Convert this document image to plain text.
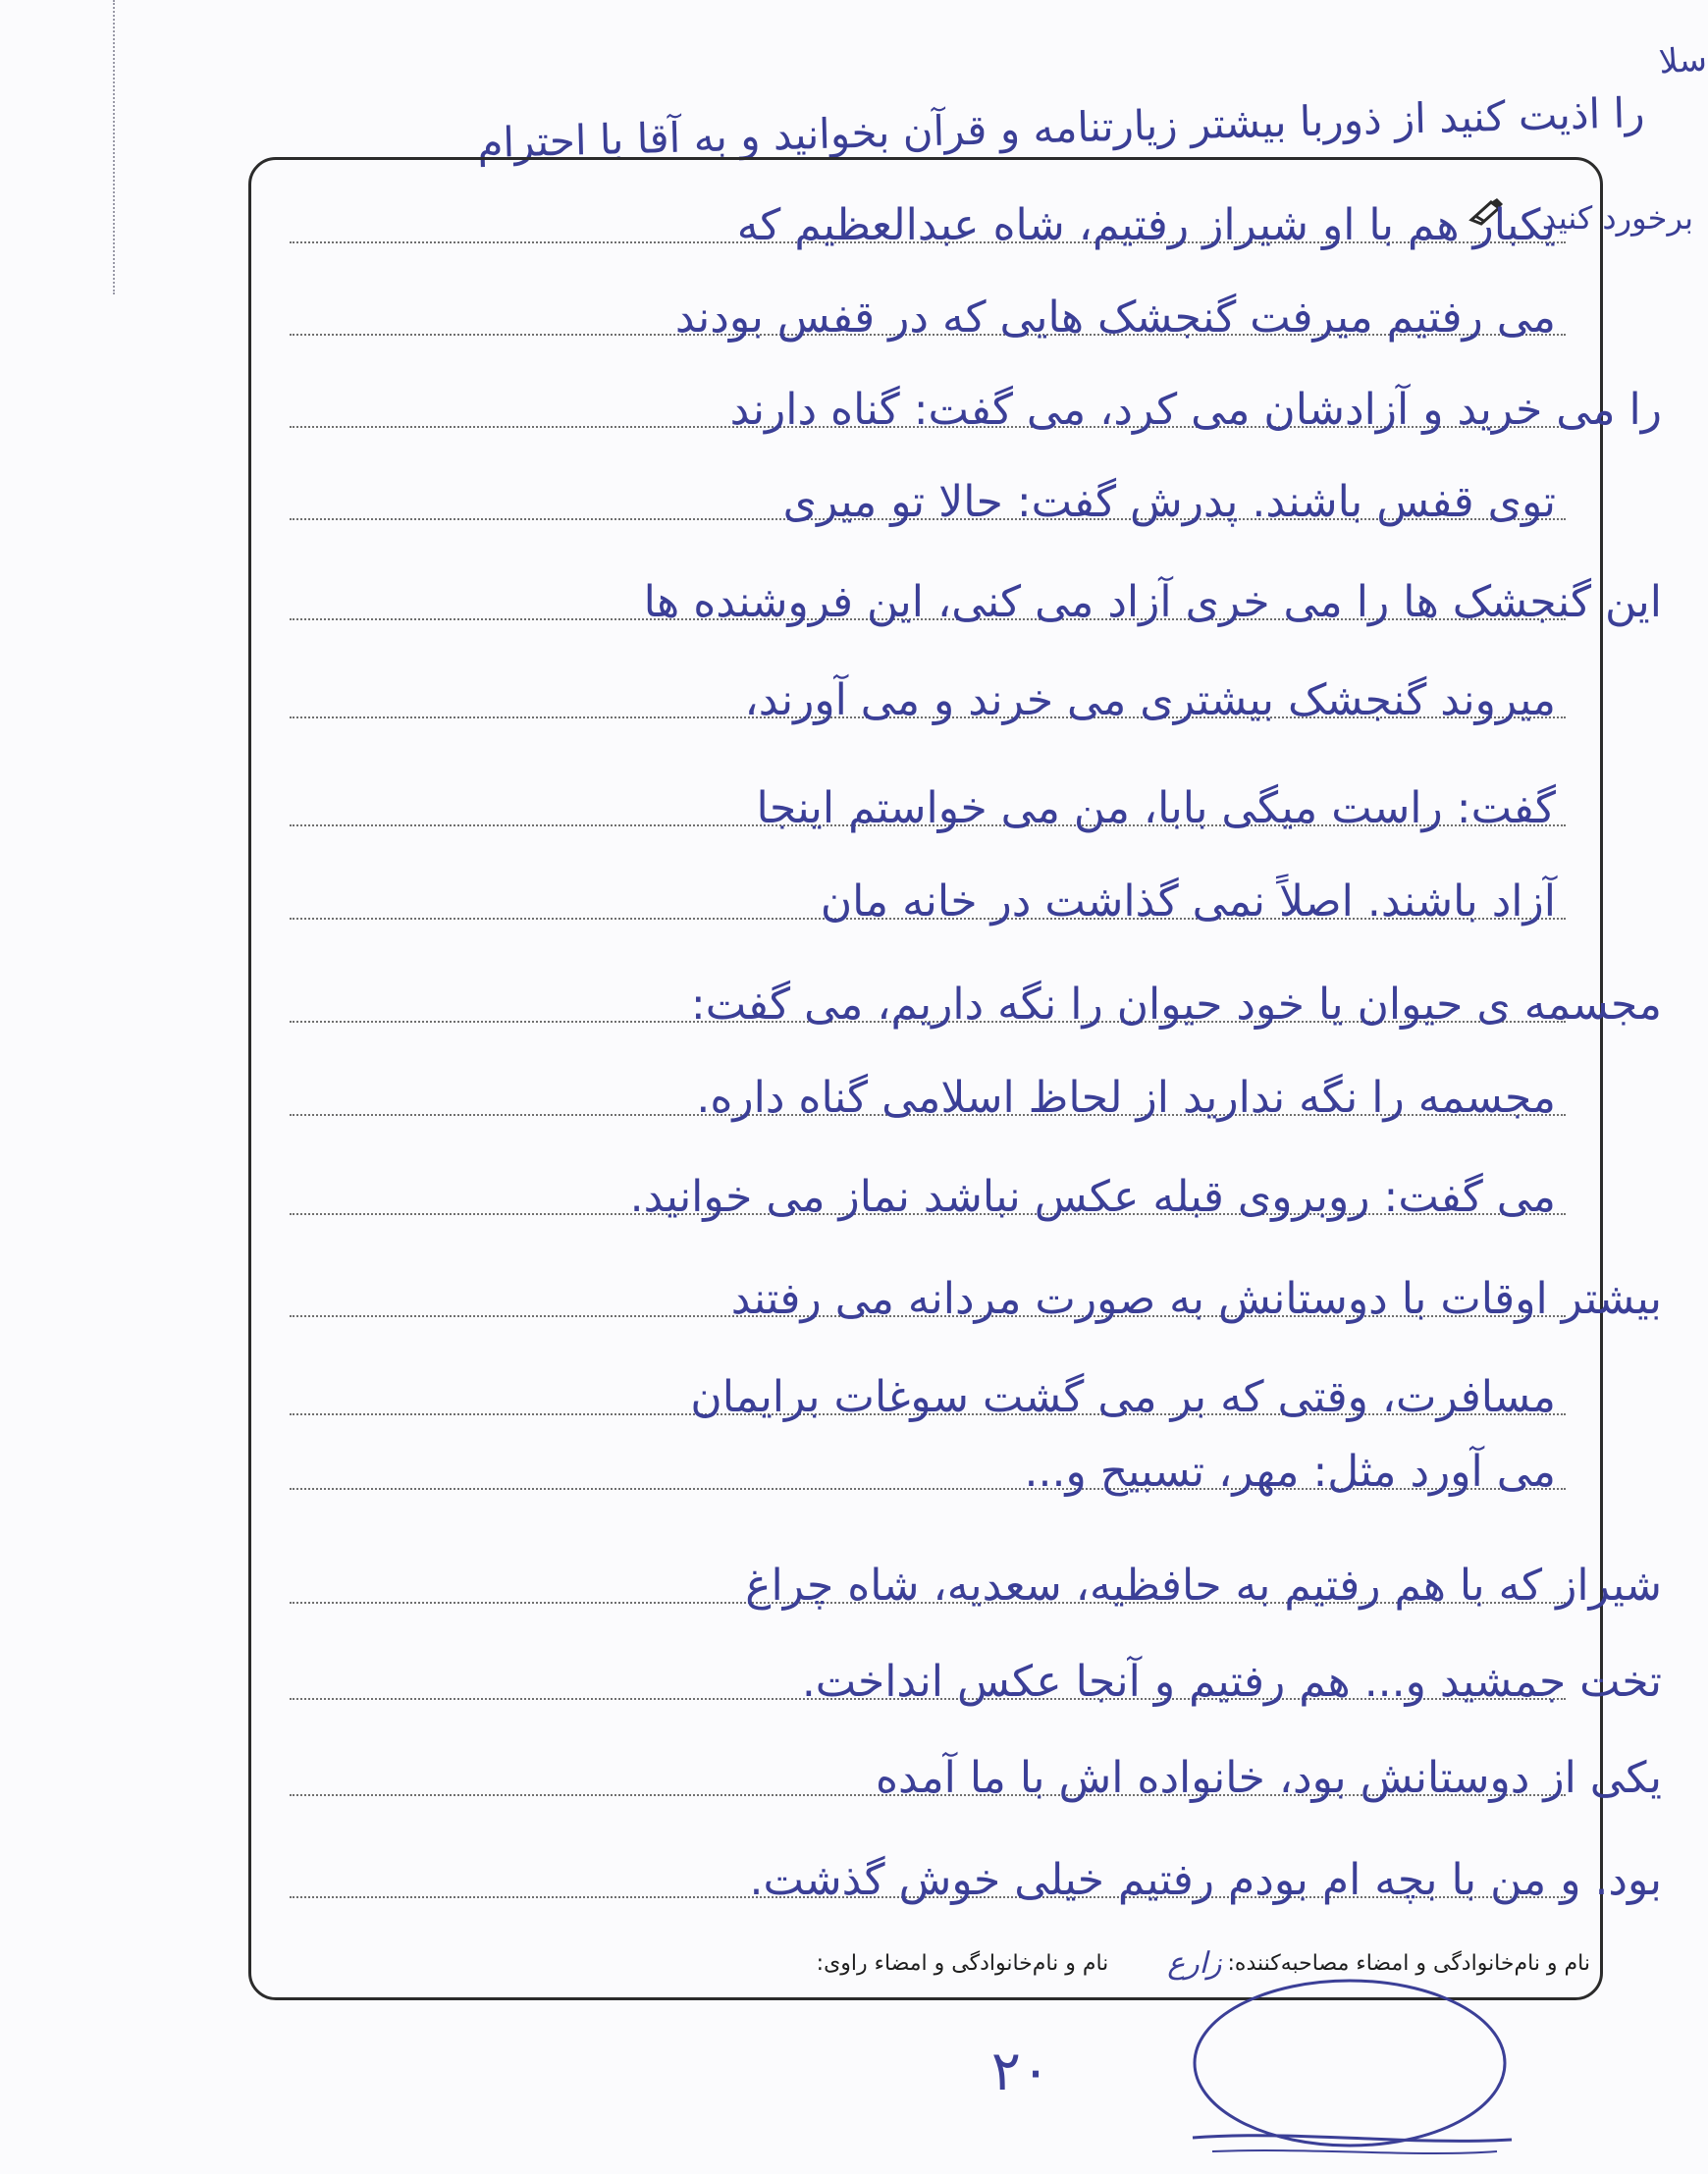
سلا
را اذیت کنید از ذوربا بیشتر زیارتنامه و قرآن بخوانید و به آقا با احترام
برخورد کنید
یکبار هم با او شیراز رفتیم، شاه عبدالعظیم که
می رفتیم میرفت گنجشک هایی که در قفس بودند
را می خرید و آزادشان می کرد، می گفت: گناه دارند
توی قفس باشند. پدرش گفت: حالا تو میری
این گنجشک ها را می خری آزاد می کنی، این فروشنده ها
میروند گنجشک بیشتری می خرند و می آورند،
گفت: راست میگی بابا، من می خواستم اینجا
آزاد باشند. اصلاً نمی گذاشت در خانه مان
مجسمه ی حیوان یا خود حیوان را نگه داریم، می گفت:
مجسمه را نگه ندارید از لحاظ اسلامی گناه داره.
می گفت: روبروی قبله عکس نباشد نماز می خوانید.
بیشتر اوقات با دوستانش به صورت مردانه می رفتند
مسافرت، وقتی که بر می گشت سوغات برایمان
می آورد مثل: مهر، تسبیح و...
شیراز که با هم رفتیم به حافظیه، سعدیه، شاه چراغ
تخت جمشید و... هم رفتیم و آنجا عکس انداخت.
یکی از دوستانش بود، خانواده اش با ما آمده
بود. و من با بچه ام بودم رفتیم خیلی خوش گذشت.
نام و نام‌خانوادگی و امضاء مصاحبه‌کننده:
زارع
نام و نام‌خانوادگی و امضاء راوی:
۲۰
